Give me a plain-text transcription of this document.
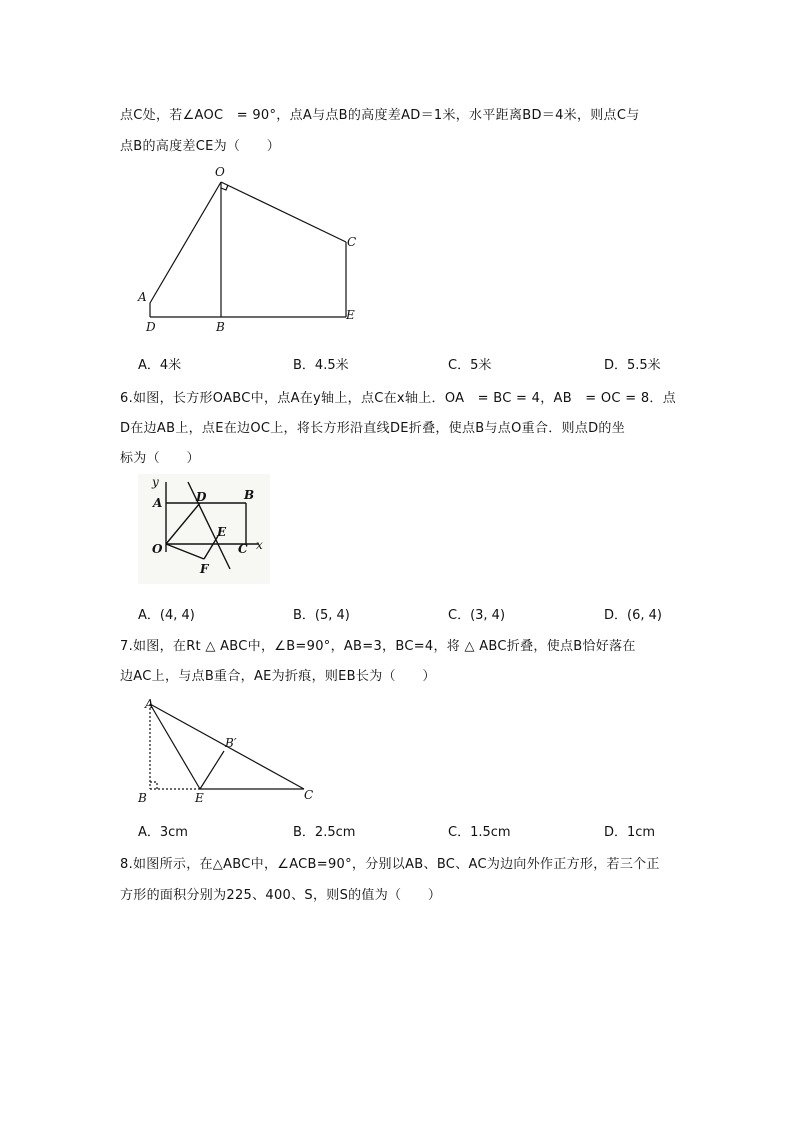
点C处，若∠AOC　= 90°，点A与点B的高度差AD＝1米，水平距离BD＝4米，则点C与
点B的高度差CE为（　　）
O
C
A
D	B
E
A．4米	B．4.5米	C．5米	D．5.5米
6.如图，长方形OABC中，点A在y轴上，点C在x轴上．OA　= BC = 4，AB　= OC = 8．点
D在边AB上，点E在边OC上，将长方形沿直线DE折叠，使点B与点O重合．则点D的坐
标为（　　）
y
A	D	B
E
O	C x
F
A．(4, 4)	B．(5, 4)	C．(3, 4)	D．(6, 4)
7.如图，在Rt △ ABC中，∠B=90°，AB=3，BC=4，将 △ ABC折叠，使点B恰好落在
边AC上，与点B重合，AE为折痕，则EB长为（　　）
A
B′
B	E	C
A．3cm	B．2.5cm	C．1.5cm	D．1cm
8.如图所示，在△ABC中，∠ACB=90°，分别以AB、BC、AC为边向外作正方形，若三个正
方形的面积分别为225、400、S，则S的值为（　　）
